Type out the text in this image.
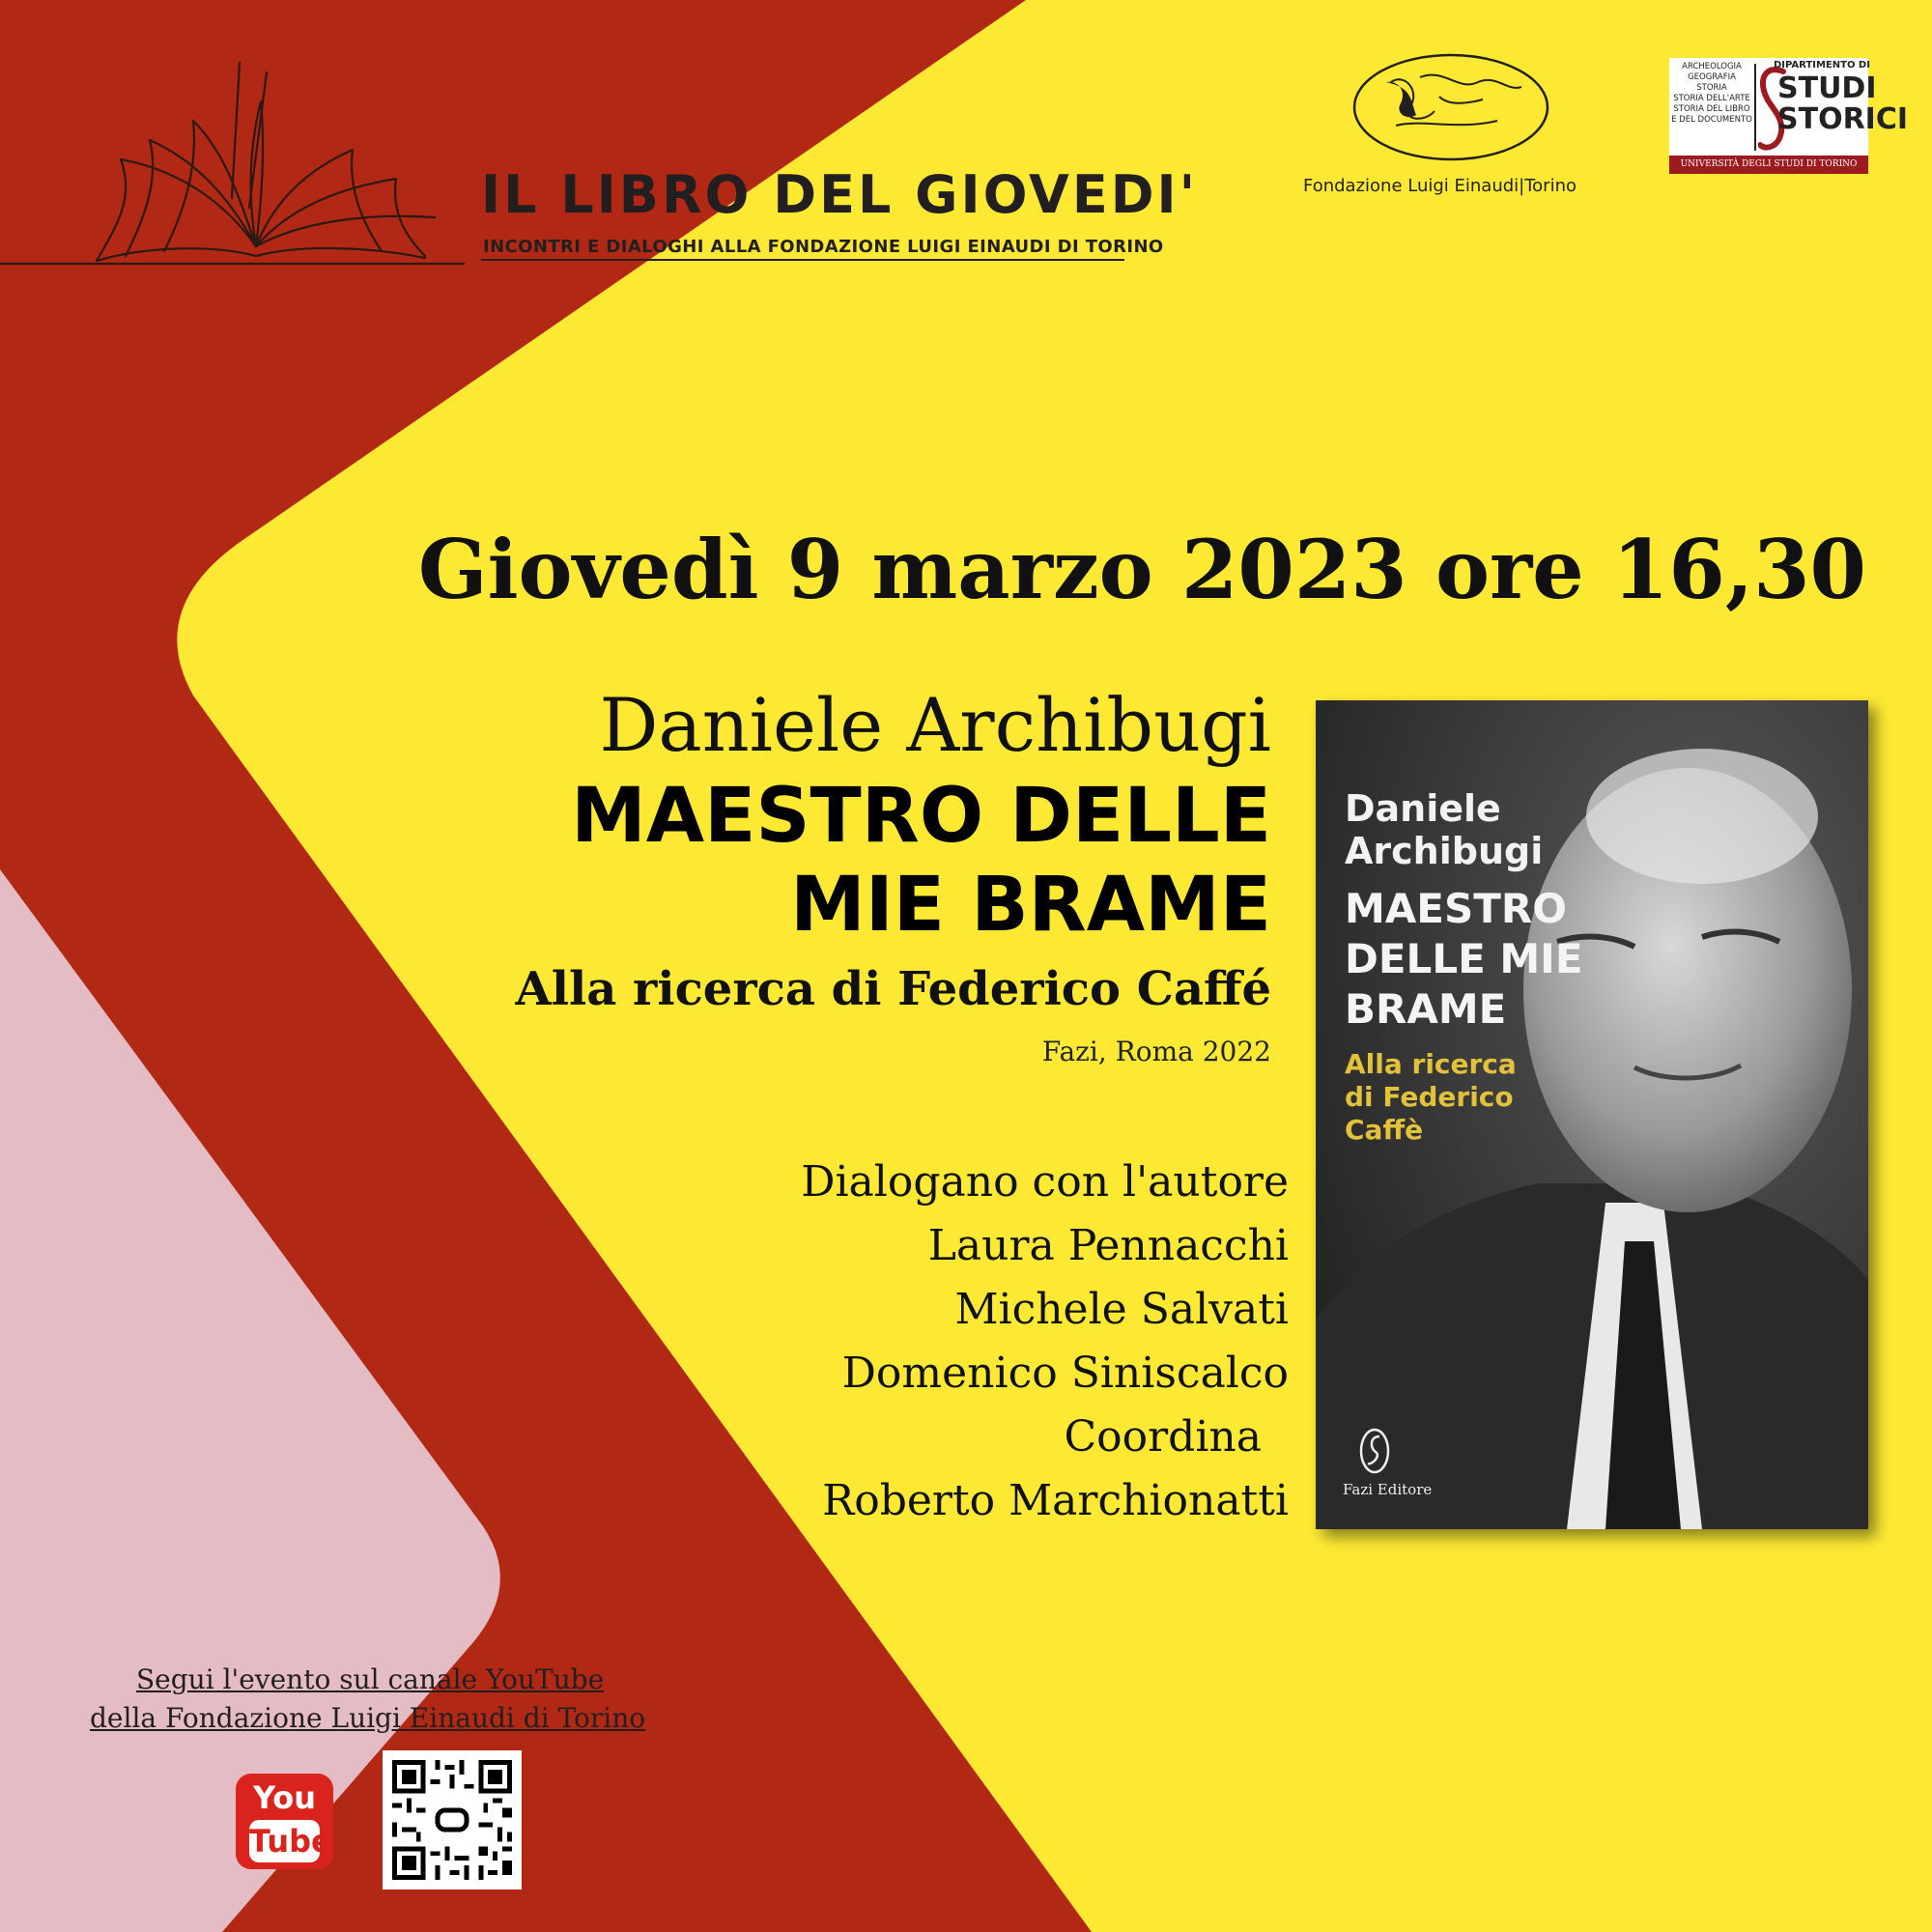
IL LIBRO DEL GIOVEDI'
INCONTRI E DIALOGHI ALLA FONDAZIONE LUIGI EINAUDI DI TORINO
Fondazione Luigi Einaudi|Torino
ARCHEOLOGIA
GEOGRAFIA
STORIA
STORIA DELL'ARTE
STORIA DEL LIBRO
E DEL DOCUMENTO
DIPARTIMENTO DI
STUDI
STORICI
UNIVERSITÀ DEGLI STUDI DI TORINO
Giovedì 9 marzo 2023 ore 16,30
Daniele Archibugi
MAESTRO DELLE
MIE BRAME
Alla ricerca di Federico Caffé
Fazi, Roma 2022
Dialogano con l'autore
Laura Pennacchi
Michele Salvati
Domenico Siniscalco
Coordina
Roberto Marchionatti
Daniele
Archibugi
MAESTRO
DELLE MIE
BRAME
Alla ricerca
di Federico Caffè
Fazi Editore
Segui l'evento sul canale YouTube
della Fondazione Luigi Einaudi di Torino
You
Tube
